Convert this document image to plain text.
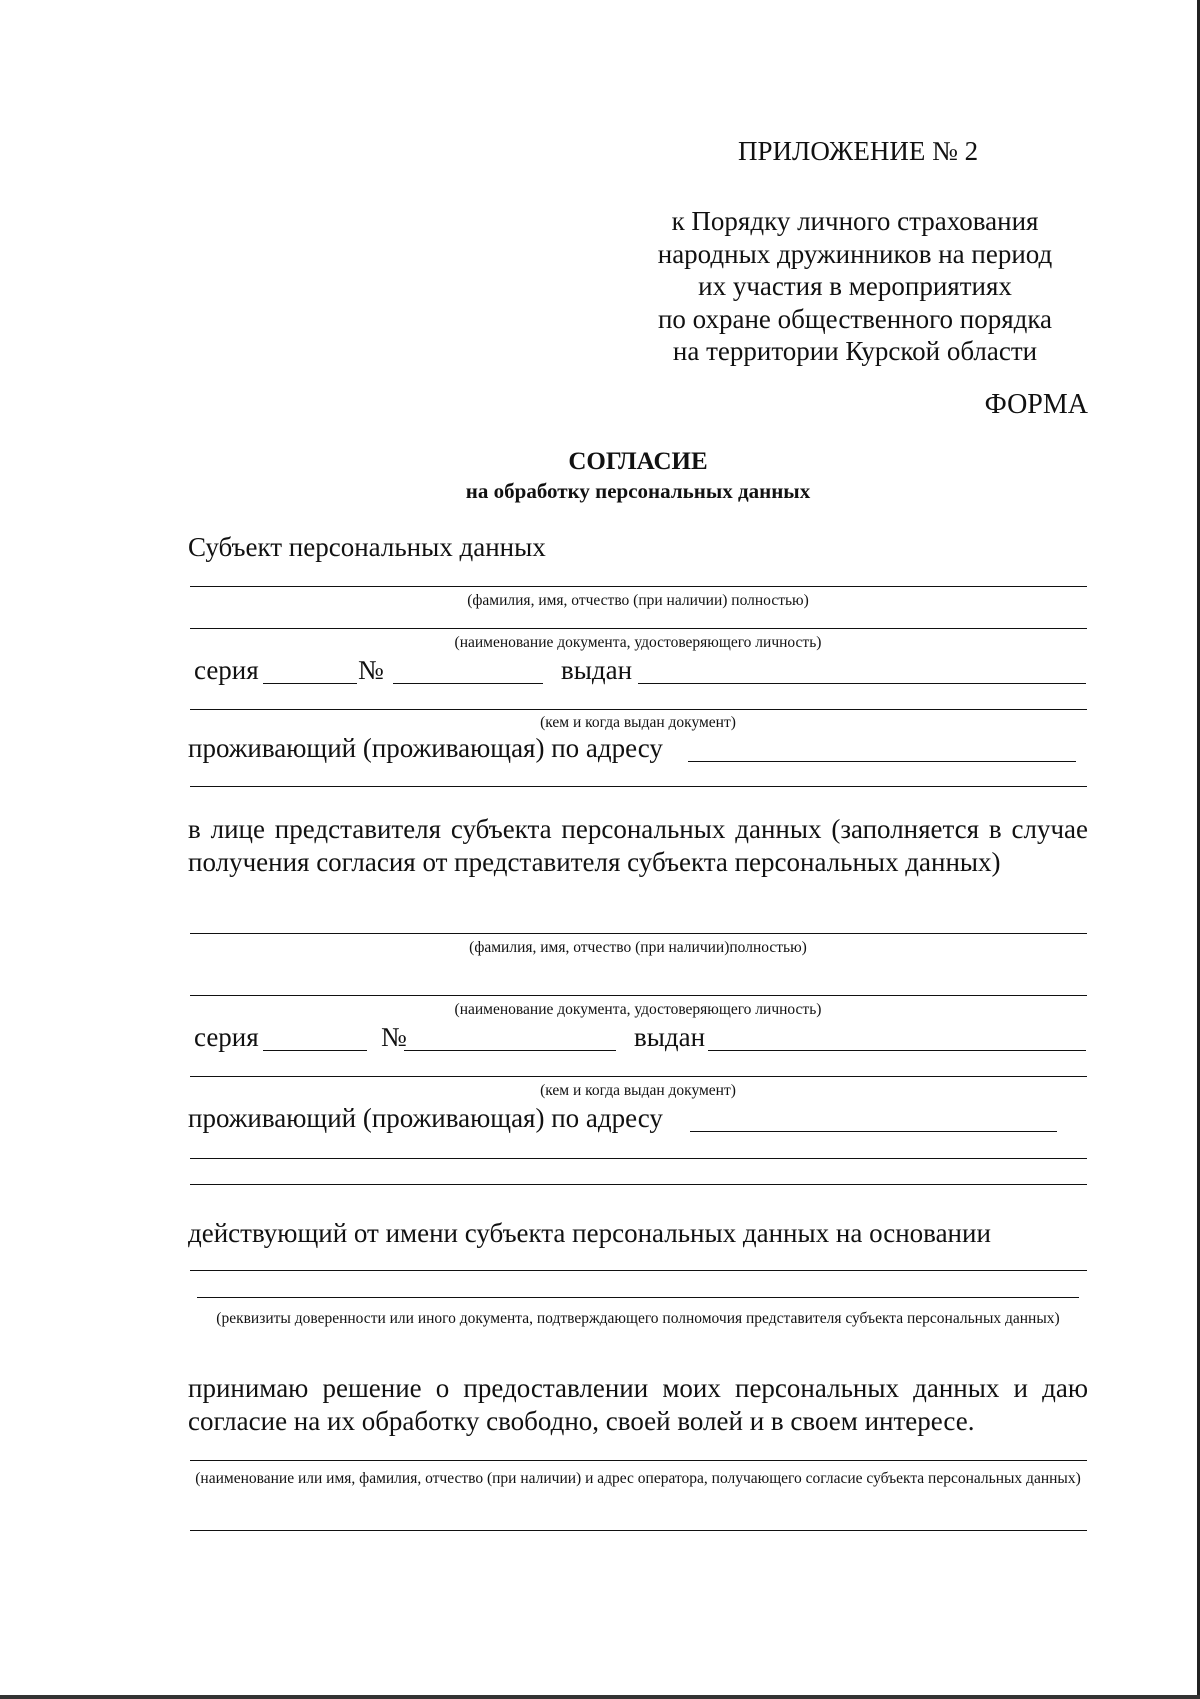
ПРИЛОЖЕНИЕ № 2
к Порядку личного страхования
народных дружинников на период
их участия в мероприятиях
по охране общественного порядка
на территории Курской области
ФОРМА
СОГЛАСИЕ
на обработку персональных данных
Субъект персональных данных
(фамилия, имя, отчество (при наличии) полностью)
(наименование документа, удостоверяющего личность)
серия	№	выдан
(кем и когда выдан документ)
проживающий (проживающая) по адресу
в лице представителя субъекта персональных данных (заполняется в случае получения согласия от представителя субъекта персональных данных)
(фамилия, имя, отчество (при наличии)полностью)
(наименование документа, удостоверяющего личность)
серия	№	выдан
(кем и когда выдан документ)
проживающий (проживающая) по адресу
действующий от имени субъекта персональных данных на основании
(реквизиты доверенности или иного документа, подтверждающего полномочия представителя субъекта персональных данных)
принимаю решение о предоставлении моих персональных данных и даю согласие на их обработку свободно, своей волей и в своем интересе.
(наименование или имя, фамилия, отчество (при наличии) и адрес оператора, получающего согласие субъекта персональных данных)
